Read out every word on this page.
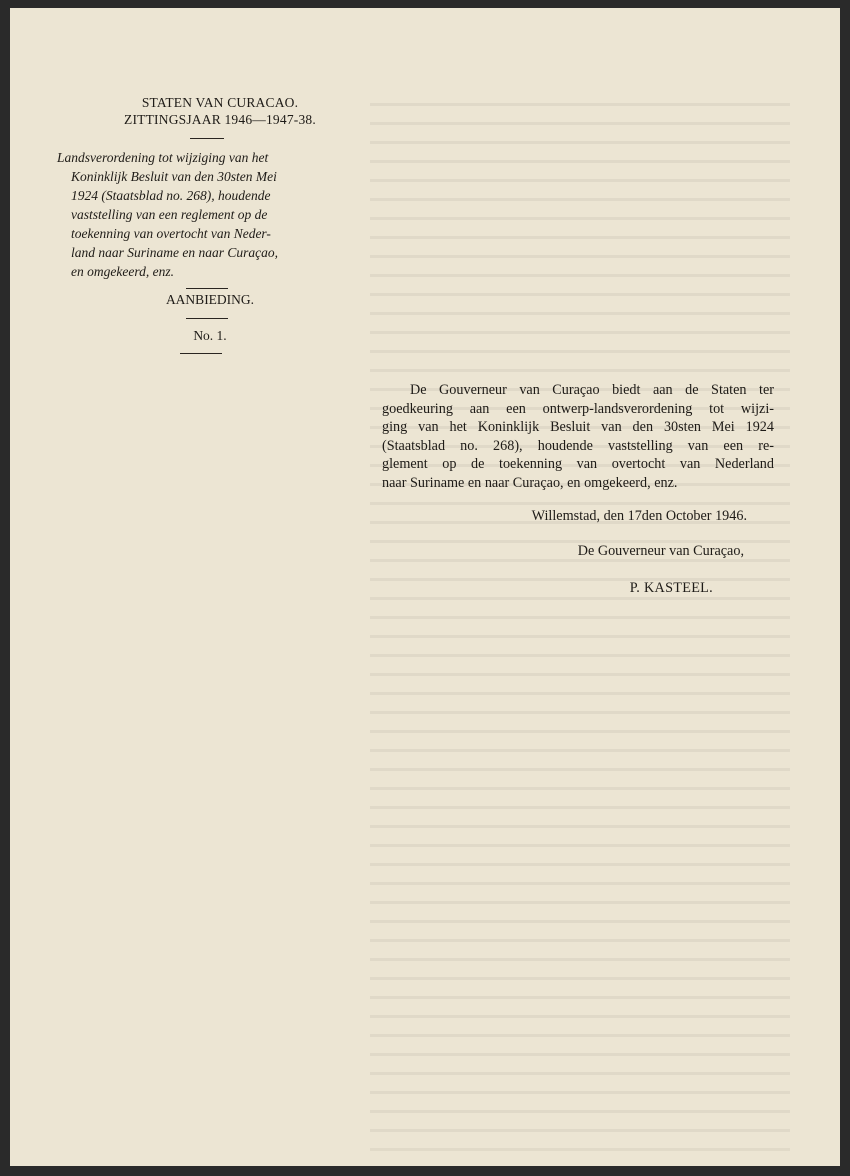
STATEN VAN CURACAO.
ZITTINGSJAAR 1946—1947-38.
Landsverordening tot wijziging van het
Koninklijk Besluit van den 30sten Mei
1924 (Staatsblad no. 268), houdende
vaststelling van een reglement op de
toekenning van overtocht van Neder-
land naar Suriname en naar Curaçao,
en omgekeerd, enz.
AANBIEDING.
No. 1.
De Gouverneur van Curaçao biedt aan de Staten ter
goedkeuring aan een ontwerp-landsverordening tot wijzi-
ging van het Koninklijk Besluit van den 30sten Mei 1924
(Staatsblad no. 268), houdende vaststelling van een re-
glement op de toekenning van overtocht van Nederland
naar Suriname en naar Curaçao, en omgekeerd, enz.
Willemstad, den 17den October 1946.
De Gouverneur van Curaçao,
P. KASTEEL.
